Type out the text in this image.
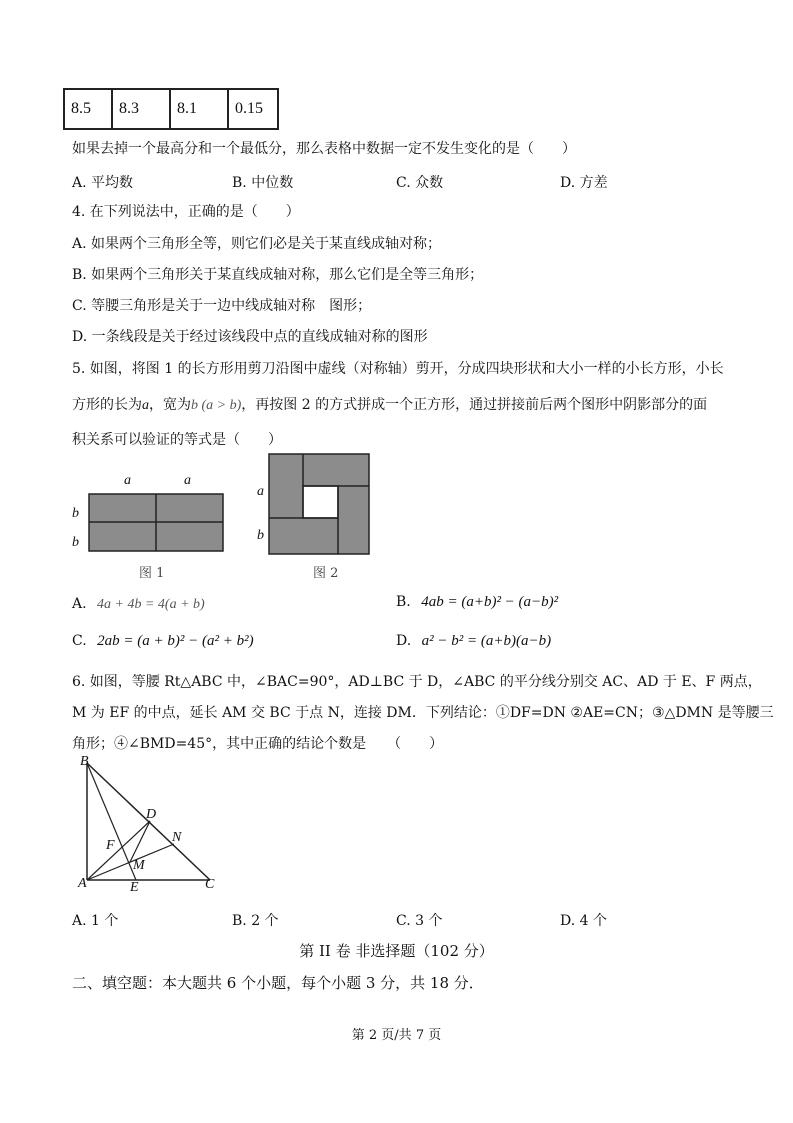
8.5	8.3	8.1	0.15
如果去掉一个最高分和一个最低分，那么表格中数据一定不发生变化的是（　　）
A. 平均数	B. 中位数	C. 众数	D. 方差
4. 在下列说法中，正确的是（　　）
A. 如果两个三角形全等，则它们必是关于某直线成轴对称；
B. 如果两个三角形关于某直线成轴对称，那么它们是全等三角形；
C. 等腰三角形是关于一边中线成轴对称　图形；
D. 一条线段是关于经过该线段中点的直线成轴对称的图形
5. 如图，将图 1 的长方形用剪刀沿图中虚线（对称轴）剪开，分成四块形状和大小一样的小长方形，小长
方形的长为a，宽为b (a > b)，再按图 2 的方式拼成一个正方形，通过拼接前后两个图形中阴影部分的面
积关系可以验证的等式是（　　）
a	a
b
b
图 1
a
b
图 2
A. 4a + 4b = 4(a + b)	B. 4ab = (a+b)² − (a−b)²
C. 2ab = (a + b)² − (a² + b²)	D. a² − b² = (a+b)(a−b)
6. 如图，等腰 Rt△ABC 中，∠BAC=90°，AD⊥BC 于 D，∠ABC 的平分线分别交 AC、AD 于 E、F 两点，
M 为 EF 的中点，延长 AM 交 BC 于点 N，连接 DM．下列结论：①DF=DN ②AE=CN；③△DMN 是等腰三
角形；④∠BMD=45°，其中正确的结论个数是　　（　　）
B
D
N
F
M
A	E	C
A. 1 个	B. 2 个	C. 3 个	D. 4 个
第 II 卷 非选择题（102 分）
二、填空题：本大题共 6 个小题，每个小题 3 分，共 18 分．
第 2 页/共 7 页
